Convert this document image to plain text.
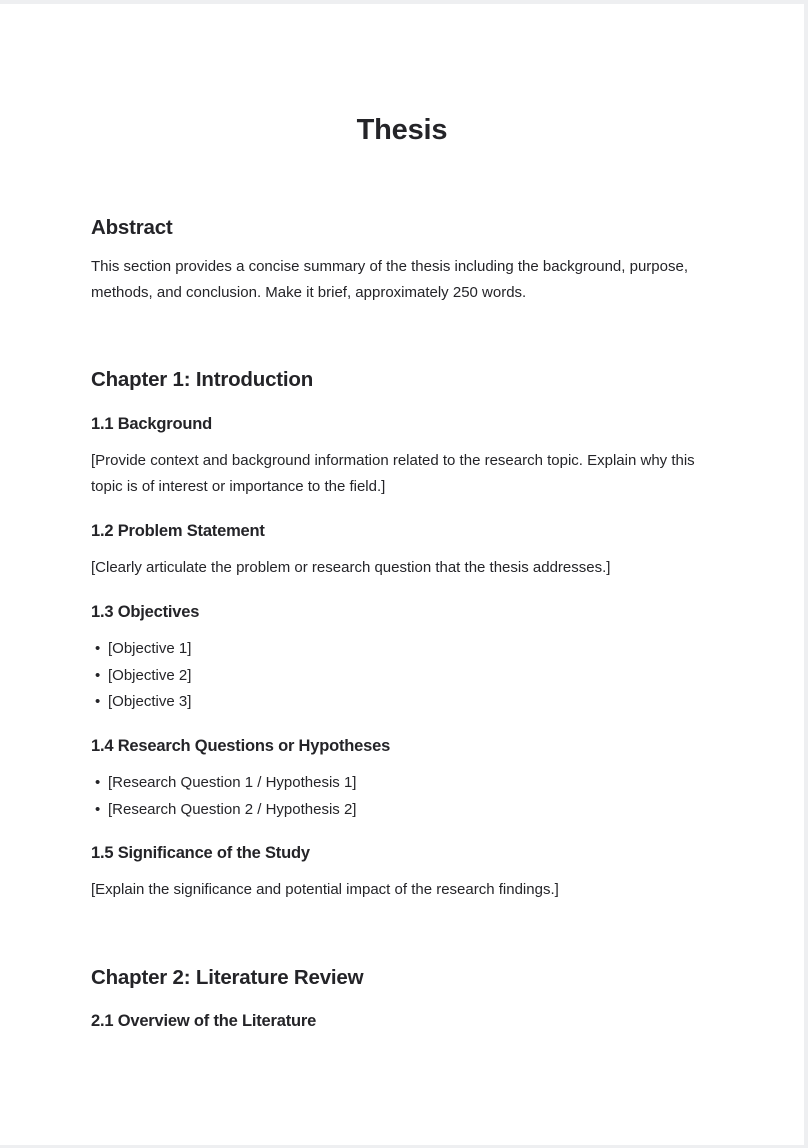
Thesis
Abstract

This section provides a concise summary of the thesis including the background, purpose, methods, and conclusion. Make it brief, approximately 250 words.

Chapter 1: Introduction
1.1 Background

[Provide context and background information related to the research topic. Explain why this topic is of interest or importance to the field.]

1.2 Problem Statement

[Clearly articulate the problem or research question that the thesis addresses.]

1.3 Objectives
• [Objective 1]
• [Objective 2]
• [Objective 3]
1.4 Research Questions or Hypotheses
• [Research Question 1 / Hypothesis 1]
• [Research Question 2 / Hypothesis 2]
1.5 Significance of the Study

[Explain the significance and potential impact of the research findings.]

Chapter 2: Literature Review
2.1 Overview of the Literature
